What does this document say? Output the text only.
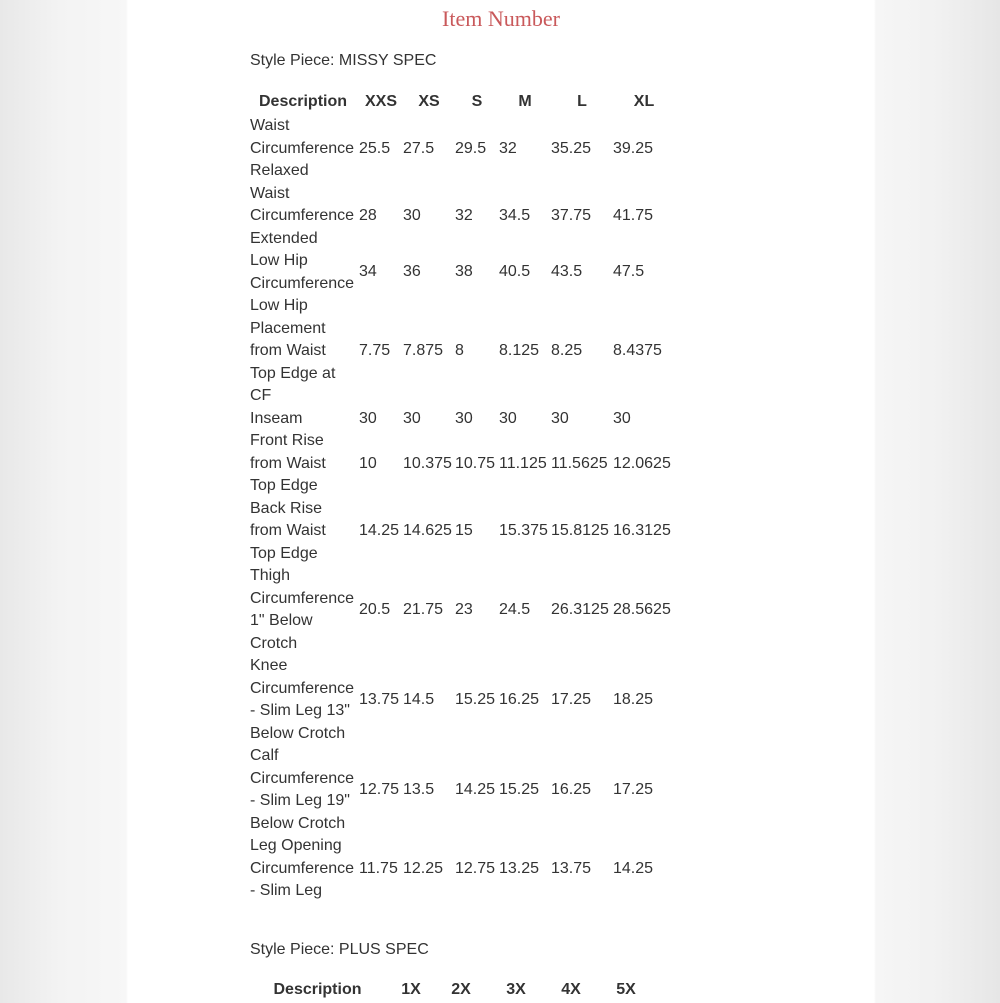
Item Number
Style Piece: MISSY SPEC
Description	XXS	XS	S	M	L	XL

Waist
Circumference
Relaxed	25.5	27.5	29.5	32	35.25	39.25

Waist
Circumference
Extended	28	30	32	34.5	37.75	41.75

Low Hip
Circumference	34	36	38	40.5	43.5	47.5

Low Hip
Placement
from Waist
Top Edge at
CF	7.75	7.875	8	8.125	8.25	8.4375

Inseam	30	30	30	30	30	30

Front Rise
from Waist
Top Edge	10	10.375	10.75	11.125	11.5625	12.0625

Back Rise
from Waist
Top Edge	14.25	14.625	15	15.375	15.8125	16.3125

Thigh
Circumference
1" Below
Crotch	20.5	21.75	23	24.5	26.3125	28.5625

Knee
Circumference
- Slim Leg 13"
Below Crotch	13.75	14.5	15.25	16.25	17.25	18.25

Calf
Circumference
- Slim Leg 19"
Below Crotch	12.75	13.5	14.25	15.25	16.25	17.25

Leg Opening
Circumference
- Slim Leg	11.75	12.25	12.75	13.25	13.75	14.25
Style Piece: PLUS SPEC
Description	1X	2X	3X	4X	5X
